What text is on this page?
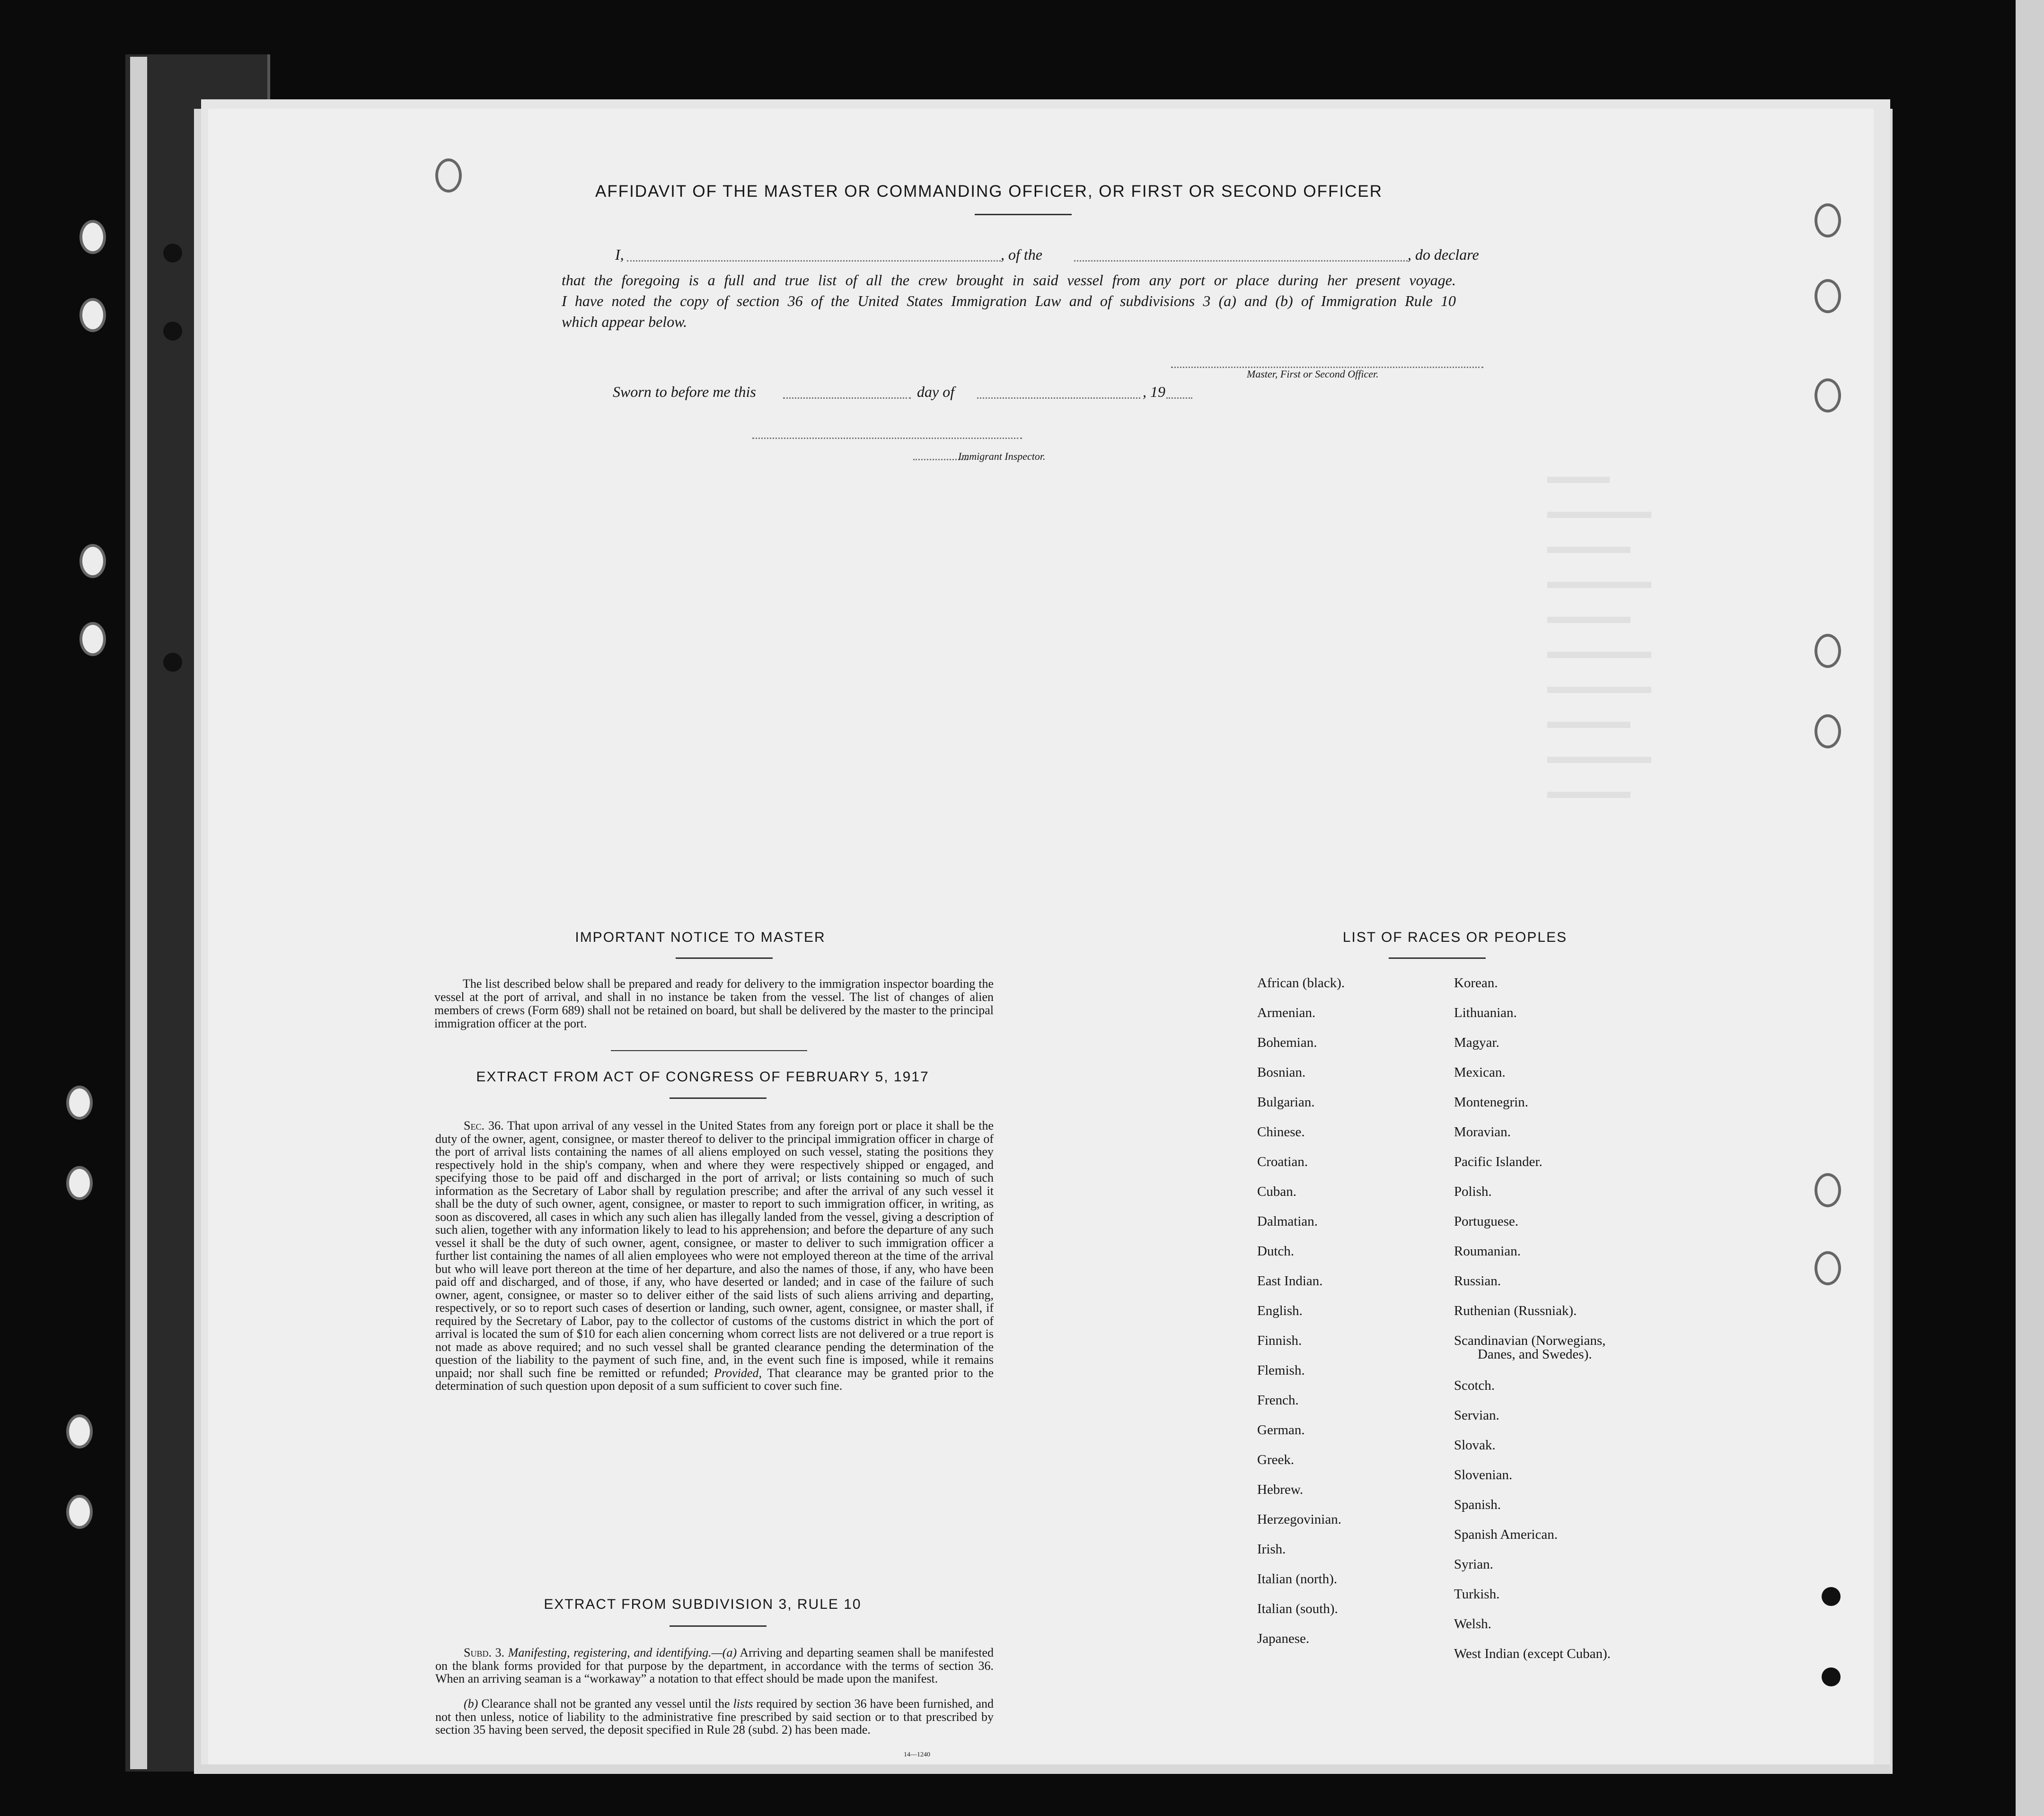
▬▬▬
▬▬▬▬▬
▬▬▬▬
▬▬▬▬▬
▬▬▬▬
▬▬▬▬▬
▬▬▬▬▬
▬▬▬▬
▬▬▬▬▬
▬▬▬▬
AFFIDAVIT OF THE MASTER OR COMMANDING OFFICER, OR FIRST OR SECOND OFFICER
I,	, of the	, do declare
that the foregoing is a full and true list of all the crew brought in said vessel from any port or place during her present voyage.
I have noted the copy of section 36 of the United States Immigration Law and of subdivisions 3 (a) and (b) of Immigration Rule 10
which appear below.
Master, First or Second Officer.
Sworn to before me this	day of	, 19
Immigrant Inspector.
IMPORTANT NOTICE TO MASTER
The list described below shall be prepared and ready for delivery to the immigration inspector boarding the vessel at the port of arrival, and shall in no instance be taken from the vessel. The list of changes of alien members of crews (Form 689) shall not be retained on board, but shall be delivered by the master to the principal immigration officer at the port.
EXTRACT FROM ACT OF CONGRESS OF FEBRUARY 5, 1917
Sec. 36. That upon arrival of any vessel in the United States from any foreign port or place it shall be the duty of the owner, agent, consignee, or master thereof to deliver to the principal immigration officer in charge of the port of arrival lists containing the names of all aliens employed on such vessel, stating the positions they respectively hold in the ship's company, when and where they were respectively shipped or engaged, and specifying those to be paid off and discharged in the port of arrival; or lists containing so much of such information as the Secretary of Labor shall by regulation prescribe; and after the arrival of any such vessel it shall be the duty of such owner, agent, consignee, or master to report to such immigration officer, in writing, as soon as discovered, all cases in which any such alien has illegally landed from the vessel, giving a description of such alien, together with any information likely to lead to his apprehension; and before the departure of any such vessel it shall be the duty of such owner, agent, consignee, or master to deliver to such immigration officer a further list containing the names of all alien employees who were not employed thereon at the time of the arrival but who will leave port thereon at the time of her departure, and also the names of those, if any, who have been paid off and discharged, and of those, if any, who have deserted or landed; and in case of the failure of such owner, agent, consignee, or master so to deliver either of the said lists of such aliens arriving and departing, respectively, or so to report such cases of desertion or landing, such owner, agent, consignee, or master shall, if required by the Secretary of Labor, pay to the collector of customs of the customs district in which the port of arrival is located the sum of $10 for each alien concerning whom correct lists are not delivered or a true report is not made as above required; and no such vessel shall be granted clearance pending the determination of the question of the liability to the payment of such fine, and, in the event such fine is imposed, while it remains unpaid; nor shall such fine be remitted or refunded; Provided, That clearance may be granted prior to the determination of such question upon deposit of a sum sufficient to cover such fine.
EXTRACT FROM SUBDIVISION 3, RULE 10
Subd. 3. Manifesting, registering, and identifying.—(a) Arriving and departing seamen shall be manifested on the blank forms provided for that purpose by the department, in accordance with the terms of section 36. When an arriving seaman is a “workaway” a notation to that effect should be made upon the manifest.
(b) Clearance shall not be granted any vessel until the lists required by section 36 have been furnished, and not then unless, notice of liability to the administrative fine prescribed by said section or to that prescribed by section 35 having been served, the deposit specified in Rule 28 (subd. 2) has been made.
14—1240
LIST OF RACES OR PEOPLES
African (black).
Armenian.
Bohemian.
Bosnian.
Bulgarian.
Chinese.
Croatian.
Cuban.
Dalmatian.
Dutch.
East Indian.
English.
Finnish.
Flemish.
French.
German.
Greek.
Hebrew.
Herzegovinian.
Irish.
Italian (north).
Italian (south).
Japanese.
Korean.
Lithuanian.
Magyar.
Mexican.
Montenegrin.
Moravian.
Pacific Islander.
Polish.
Portuguese.
Roumanian.
Russian.
Ruthenian (Russniak).
Scandinavian (Norwegians,
Danes, and Swedes).
Scotch.
Servian.
Slovak.
Slovenian.
Spanish.
Spanish American.
Syrian.
Turkish.
Welsh.
West Indian (except Cuban).
